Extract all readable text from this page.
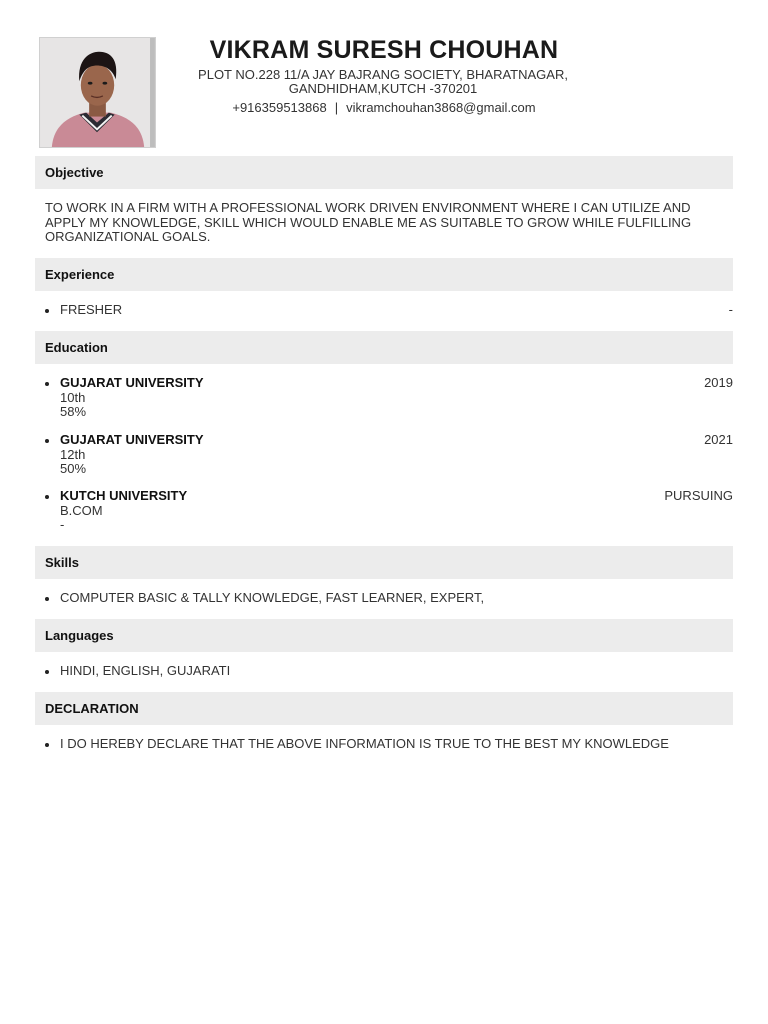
VIKRAM SURESH CHOUHAN
PLOT NO.228 11/A JAY BAJRANG SOCIETY, BHARATNAGAR,
GANDHIDHAM,KUTCH -370201
+916359513868 | vikramchouhan3868@gmail.com
Objective
TO WORK IN A FIRM WITH A PROFESSIONAL WORK DRIVEN ENVIRONMENT WHERE I CAN UTILIZE AND APPLY MY KNOWLEDGE, SKILL WHICH WOULD ENABLE ME AS SUITABLE TO GROW WHILE FULFILLING ORGANIZATIONAL GOALS.
Experience
FRESHER	-
Education
GUJARAT UNIVERSITY
10th
58%
2019
GUJARAT UNIVERSITY
12th
50%
2021
KUTCH UNIVERSITY
B.COM
-
PURSUING
Skills
COMPUTER BASIC & TALLY KNOWLEDGE, FAST LEARNER, EXPERT,
Languages
HINDI, ENGLISH, GUJARATI
DECLARATION
I DO HEREBY DECLARE THAT THE ABOVE INFORMATION IS TRUE TO THE BEST MY KNOWLEDGE
